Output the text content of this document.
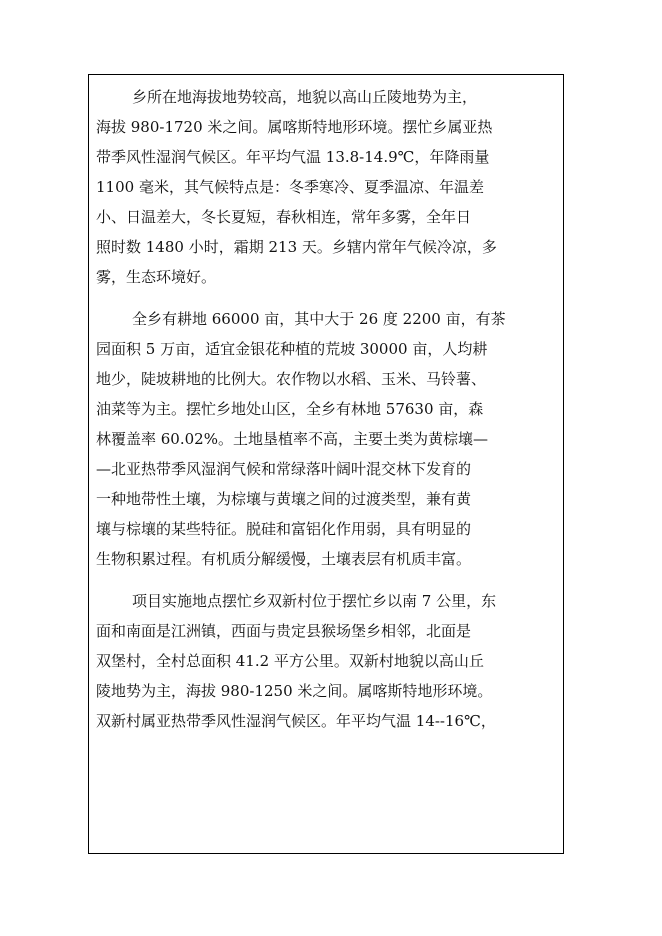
乡所在地海拔地势较高，地貌以高山丘陵地势为主，
海拔 980-1720 米之间。属喀斯特地形环境。摆忙乡属亚热
带季风性湿润气候区。年平均气温 13.8-14.9℃，年降雨量
1100 毫米，其气候特点是：冬季寒冷、夏季温凉、年温差
小、日温差大，冬长夏短，春秋相连，常年多雾，全年日
照时数 1480 小时，霜期 213 天。乡辖内常年气候冷凉，多
雾，生态环境好。
全乡有耕地 66000 亩，其中大于 26 度 2200 亩，有茶
园面积 5 万亩，适宜金银花种植的荒坡 30000 亩，人均耕
地少，陡坡耕地的比例大。农作物以水稻、玉米、马铃薯、
油菜等为主。摆忙乡地处山区，全乡有林地 57630 亩，森
林覆盖率 60.02%。土地垦植率不高，主要土类为黄棕壤—
—北亚热带季风湿润气候和常绿落叶阔叶混交林下发育的
一种地带性土壤，为棕壤与黄壤之间的过渡类型，兼有黄
壤与棕壤的某些特征。脱硅和富铝化作用弱，具有明显的
生物积累过程。有机质分解缓慢，土壤表层有机质丰富。
项目实施地点摆忙乡双新村位于摆忙乡以南 7 公里，东
面和南面是江洲镇，西面与贵定县猴场堡乡相邻，北面是
双堡村，全村总面积 41.2 平方公里。双新村地貌以高山丘
陵地势为主，海拔 980-1250 米之间。属喀斯特地形环境。
双新村属亚热带季风性湿润气候区。年平均气温 14--16℃，
